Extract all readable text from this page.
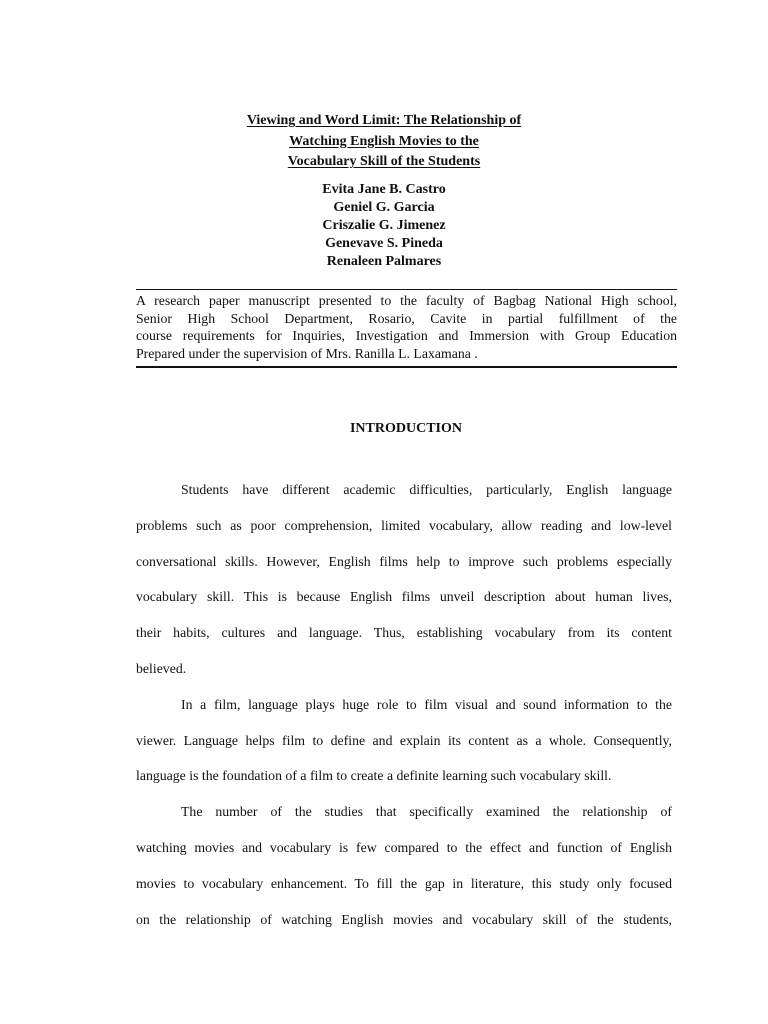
Viewing and Word Limit: The Relationship of
Watching English Movies to the
Vocabulary Skill of the Students
Evita Jane B. Castro
Geniel G. Garcia
Criszalie G. Jimenez
Genevave S. Pineda
Renaleen Palmares
A research paper manuscript presented to the faculty of Bagbag National High school,
Senior High School Department, Rosario, Cavite in partial fulfillment of the
course requirements for Inquiries, Investigation and Immersion with Group Education
Prepared under the supervision of Mrs. Ranilla L. Laxamana .
INTRODUCTION
Students have different academic difficulties, particularly, English language
problems such as poor comprehension, limited vocabulary, allow reading and low-level
conversational skills. However, English films help to improve such problems especially
vocabulary skill. This is because English films unveil description about human lives,
their habits, cultures and language. Thus, establishing vocabulary from its content
believed.
In a film, language plays huge role to film visual and sound information to the
viewer. Language helps film to define and explain its content as a whole. Consequently,
language is the foundation of a film to create a definite learning such vocabulary skill.
The number of the studies that specifically examined the relationship of
watching movies and vocabulary is few compared to the effect and function of English
movies to vocabulary enhancement. To fill the gap in literature, this study only focused
on the relationship of watching English movies and vocabulary skill of the students,
